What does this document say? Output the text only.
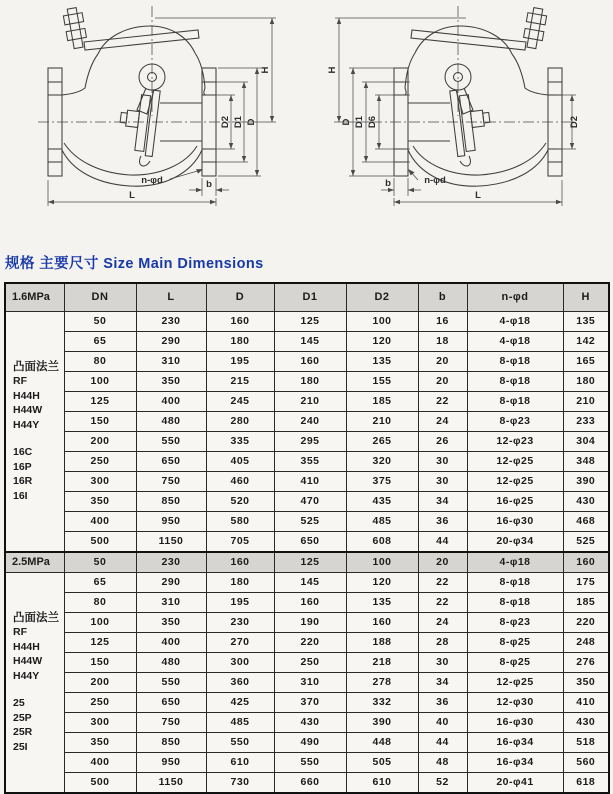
D2 D1 D
H
b
L
n-φd
H
D D1 D6	D2
b
L
n-φd
规格 主要尺寸 Size Main Dimensions
1.6MPa	DN	L	D	D1	D2	b	n-φd	H

凸面法兰
RF
H44H
H44W
H44Y
16C
16P
16R
16I
	50	230	160	125	100	16	4-φ18	135
	65	290	180	145	120	18	4-φ18	142
	80	310	195	160	135	20	8-φ18	165
	100	350	215	180	155	20	8-φ18	180
	125	400	245	210	185	22	8-φ18	210
	150	480	280	240	210	24	8-φ23	233
	200	550	335	295	265	26	12-φ23	304
	250	650	405	355	320	30	12-φ25	348
	300	750	460	410	375	30	12-φ25	390
	350	850	520	470	435	34	16-φ25	430
	400	950	580	525	485	36	16-φ30	468
	500	1150	705	650	608	44	20-φ34	525
2.5MPa	50	230	160	125	100	20	4-φ18	160

凸面法兰
RF
H44H
H44W
H44Y
25
25P
25R
25I
	65	290	180	145	120	22	8-φ18	175
	80	310	195	160	135	22	8-φ18	185
	100	350	230	190	160	24	8-φ23	220
	125	400	270	220	188	28	8-φ25	248
	150	480	300	250	218	30	8-φ25	276
	200	550	360	310	278	34	12-φ25	350
	250	650	425	370	332	36	12-φ30	410
	300	750	485	430	390	40	16-φ30	430
	350	850	550	490	448	44	16-φ34	518
	400	950	610	550	505	48	16-φ34	560
	500	1150	730	660	610	52	20-φ41	618
